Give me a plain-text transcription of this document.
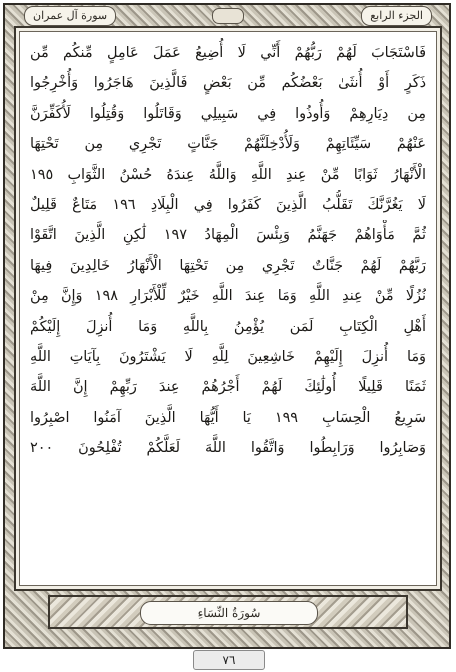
الجزء الرابع
سورة آل عمران
فَاسْتَجَابَ لَهُمْ رَبُّهُمْ أَنِّي لَا أُضِيعُ عَمَلَ عَامِلٍ مِّنكُم مِّن
ذَكَرٍ أَوْ أُنثَىٰ بَعْضُكُم مِّن بَعْضٍ فَالَّذِينَ هَاجَرُوا وَأُخْرِجُوا
مِن دِيَارِهِمْ وَأُوذُوا فِي سَبِيلِي وَقَاتَلُوا وَقُتِلُوا لَأُكَفِّرَنَّ
عَنْهُمْ سَيِّئَاتِهِمْ وَلَأُدْخِلَنَّهُمْ جَنَّاتٍ تَجْرِي مِن تَحْتِهَا
الْأَنْهَارُ ثَوَابًا مِّنْ عِندِ اللَّهِ وَاللَّهُ عِندَهُ حُسْنُ الثَّوَابِ ١٩٥
لَا يَغُرَّنَّكَ تَقَلُّبُ الَّذِينَ كَفَرُوا فِي الْبِلَادِ ١٩٦ مَتَاعٌ قَلِيلٌ
ثُمَّ مَأْوَاهُمْ جَهَنَّمُ وَبِئْسَ الْمِهَادُ ١٩٧ لَٰكِنِ الَّذِينَ اتَّقَوْا
رَبَّهُمْ لَهُمْ جَنَّاتٌ تَجْرِي مِن تَحْتِهَا الْأَنْهَارُ خَالِدِينَ فِيهَا
نُزُلًا مِّنْ عِندِ اللَّهِ وَمَا عِندَ اللَّهِ خَيْرٌ لِّلْأَبْرَارِ ١٩٨ وَإِنَّ مِنْ
أَهْلِ الْكِتَابِ لَمَن يُؤْمِنُ بِاللَّهِ وَمَا أُنزِلَ إِلَيْكُمْ
وَمَا أُنزِلَ إِلَيْهِمْ خَاشِعِينَ لِلَّهِ لَا يَشْتَرُونَ بِآيَاتِ اللَّهِ
ثَمَنًا قَلِيلًا أُولَٰئِكَ لَهُمْ أَجْرُهُمْ عِندَ رَبِّهِمْ إِنَّ اللَّهَ
سَرِيعُ الْحِسَابِ ١٩٩ يَا أَيُّهَا الَّذِينَ آمَنُوا اصْبِرُوا
وَصَابِرُوا وَرَابِطُوا وَاتَّقُوا اللَّهَ لَعَلَّكُمْ تُفْلِحُونَ ٢٠٠
سُورَةُ النِّسَاءِ
٧٦
